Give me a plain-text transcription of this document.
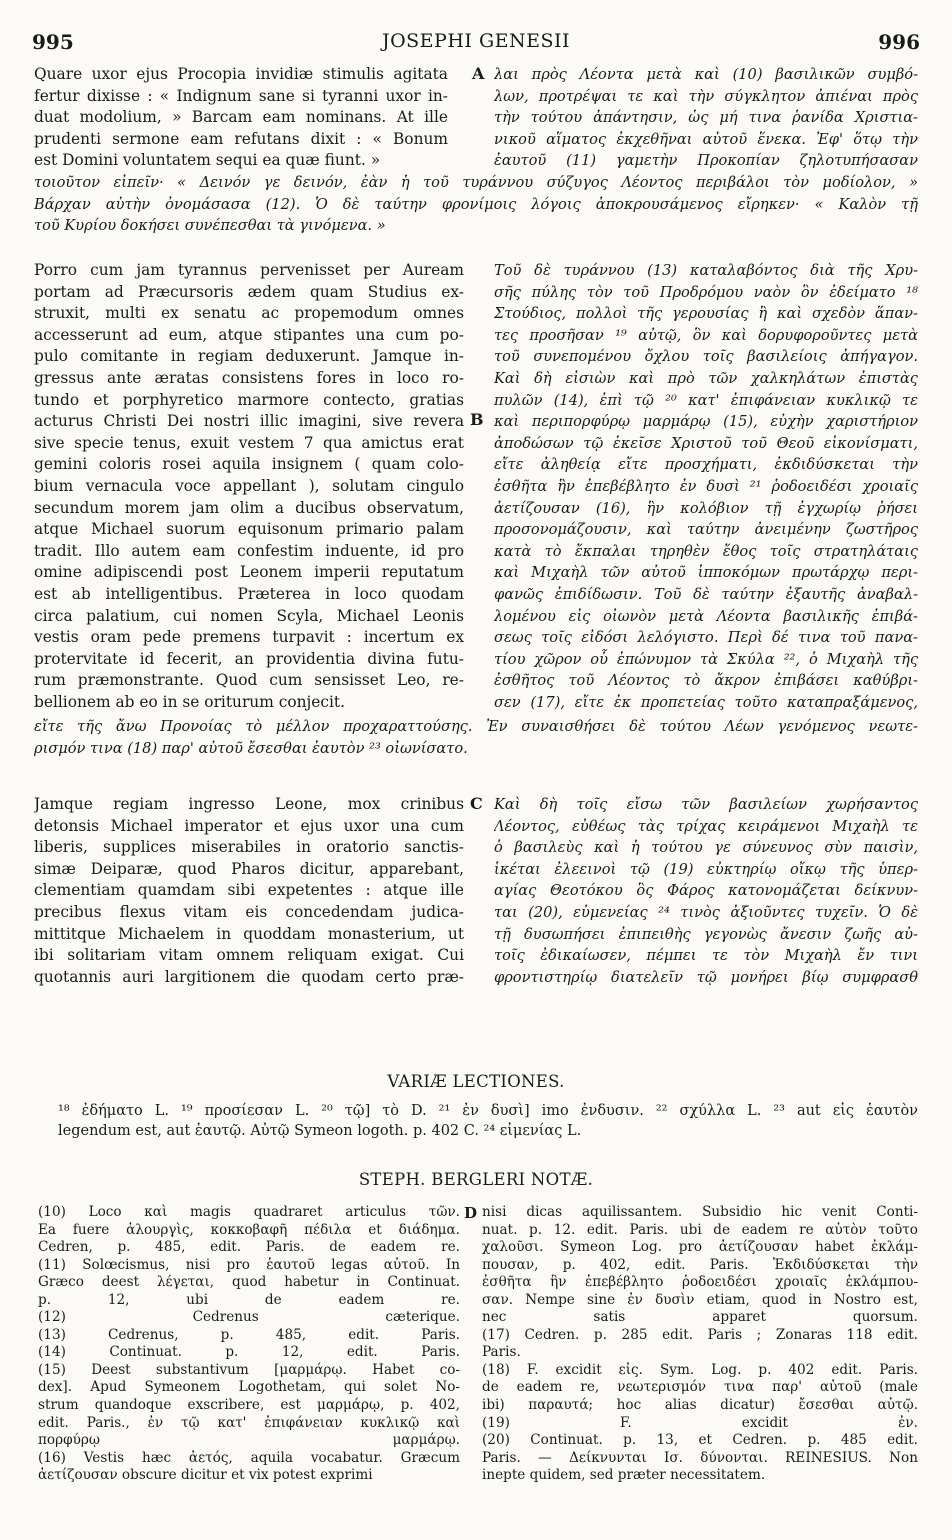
995	JOSEPHI GENESII	996
Quare uxor ejus Procopia invidiæ stimulis agitata
fertur dixisse : « Indignum sane si tyranni uxor in-
duat modolium, » Barcam eam nominans. At ille
prudenti sermone eam refutans dixit : « Bonum
est Domini voluntatem sequi ea quæ fiunt. »
A λαι πρὸς Λέοντα μετὰ καὶ (10) βασιλικῶν συμβό-
λων, προτρέψαι τε καὶ τὴν σύγκλητον ἀπιέναι πρὸς
τὴν τούτου ἀπάντησιν, ὡς μή τινα ῥανίδα Χριστια-
νικοῦ αἵματος ἐκχεθῆναι αὐτοῦ ἕνεκα. Ἐφ' ὅτῳ τὴν
ἑαυτοῦ (11) γαμετὴν Προκοπίαν ζηλοτυπήσασαν
τοιοῦτον εἰπεῖν· « Δεινόν γε δεινόν, ἐὰν ἡ τοῦ τυράννου σύζυγος Λέοντος περιβάλοι τὸν μοδίολον, »
Βάρχαν αὐτὴν ὀνομάσασα (12). Ὁ δὲ ταύτην φρονίμοις λόγοις ἀποκρουσάμενος εἴρηκεν· « Καλὸν τῇ
τοῦ Κυρίου δοκήσει συνέπεσθαι τὰ γινόμενα. »
Porro cum jam tyrannus pervenisset per Auream
portam ad Præcursoris ædem quam Studius ex-
struxit, multi ex senatu ac propemodum omnes
accesserunt ad eum, atque stipantes una cum po-
pulo comitante in regiam deduxerunt. Jamque in-
gressus ante æratas consistens fores in loco ro-
tundo et porphyretico marmore contecto, gratias
acturus Christi Dei nostri illic imagini, sive revera
sive specie tenus, exuit vestem 7 qua amictus erat
gemini coloris rosei aquila insignem ( quam colo-
bium vernacula voce appellant ), solutam cingulo
secundum morem jam olim a ducibus observatum,
atque Michael suorum equisonum primario palam
tradit. Illo autem eam confestim induente, id pro
omine adipiscendi post Leonem imperii reputatum
est ab intelligentibus. Præterea in loco quodam
circa palatium, cui nomen Scyla, Michael Leonis
vestis oram pede premens turpavit : incertum ex
protervitate id fecerit, an providentia divina futu-
rum præmonstrante. Quod cum sensisset Leo, re-
bellionem ab eo in se oriturum conjecit.
B
Τοῦ δὲ τυράννου (13) καταλαβόντος διὰ τῆς Χρυ-
σῆς πύλης τὸν τοῦ Προδρόμου ναὸν ὃν ἐδείματο ¹⁸
Στούδιος, πολλοὶ τῆς γερουσίας ἢ καὶ σχεδὸν ἅπαν-
τες προσῆσαν ¹⁹ αὐτῷ, ὃν καὶ δορυφοροῦντες μετὰ
τοῦ συνεπομένου ὄχλου τοῖς βασιλείοις ἀπήγαγον.
Καὶ δὴ εἰσιὼν καὶ πρὸ τῶν χαλκηλάτων ἐπιστὰς
πυλῶν (14), ἐπὶ τῷ ²⁰ κατ' ἐπιφάνειαν κυκλικῷ τε
καὶ περιπορφύρῳ μαρμάρῳ (15), εὐχὴν χαριστήριον
ἀποδώσων τῷ ἐκεῖσε Χριστοῦ τοῦ Θεοῦ εἰκονίσματι,
εἴτε ἀληθείᾳ εἴτε προσχήματι, ἐκδιδύσκεται τὴν
ἐσθῆτα ἣν ἐπεβέβλητο ἐν δυσὶ ²¹ ῥοδοειδέσι χροιαῖς
ἀετίζουσαν (16), ἣν κολόβιον τῇ ἐγχωρίῳ ῥήσει
προσονομάζουσιν, καὶ ταύτην ἀνειμένην ζωστῆρος
κατὰ τὸ ἔκπαλαι τηρηθὲν ἔθος τοῖς στρατηλάταις
καὶ Μιχαὴλ τῶν αὐτοῦ ἱπποκόμων πρωτάρχῳ περι-
φανῶς ἐπιδίδωσιν. Τοῦ δὲ ταύτην ἐξαυτῆς ἀναβαλ-
λομένου εἰς οἰωνὸν μετὰ Λέοντα βασιλικῆς ἐπιβά-
σεως τοῖς εἰδόσι λελόγιστο. Περὶ δέ τινα τοῦ πανα-
τίου χῶρον οὗ ἐπώνυμον τὰ Σκύλα ²², ὁ Μιχαὴλ τῆς
ἐσθῆτος τοῦ Λέοντος τὸ ἄκρον ἐπιβάσει καθύβρι-
σεν (17), εἴτε ἐκ προπετείας τοῦτο καταπραξάμενος,
εἴτε τῆς ἄνω Προνοίας τὸ μέλλον προχαραττούσης. Ἐν συναισθήσει δὲ τούτου Λέων γενόμενος νεωτε-
ρισμόν τινα (18) παρ' αὐτοῦ ἔσεσθαι ἑαυτὸν ²³ οἰωνίσατο.
Jamque regiam ingresso Leone, mox crinibus
detonsis Michael imperator et ejus uxor una cum
liberis, supplices miserabiles in oratorio sanctis-
simæ Deiparæ, quod Pharos dicitur, apparebant,
clementiam quamdam sibi expetentes : atque ille
precibus flexus vitam eis concedendam judica-
mittitque Michaelem in quoddam monasterium, ut
ibi solitariam vitam omnem reliquam exigat. Cui
quotannis auri largitionem die quodam certo præ-
C Καὶ δὴ τοῖς εἴσω τῶν βασιλείων χωρήσαντος
Λέοντος, εὐθέως τὰς τρίχας κειράμενοι Μιχαὴλ τε
ὁ βασιλεὺς καὶ ἡ τούτου γε σύνευνος σὺν παισὶν,
ἱκέται ἐλεεινοὶ τῷ (19) εὐκτηρίῳ οἴκῳ τῆς ὑπερ-
αγίας Θεοτόκου ὃς Φάρος κατονομάζεται δείκνυν-
ται (20), εὐμενείας ²⁴ τινὸς ἀξιοῦντες τυχεῖν. Ὁ δὲ
τῇ δυσωπήσει ἐπιπειθὴς γεγονὼς ἄνεσιν ζωῆς αὐ-
τοῖς ἐδικαίωσεν, πέμπει τε τὸν Μιχαὴλ ἔν τινι
φροντιστηρίῳ διατελεῖν τῷ μονήρει βίῳ συμφρασθ
VARIÆ LECTIONES.
¹⁸ ἐδήματο L. ¹⁹ προσίεσαν L. ²⁰ τῷ] τὸ D. ²¹ ἐν δυσὶ] imo ἐνδυσιν. ²² σχύλλα L. ²³ aut εἰς ἑαυτὸν
legendum est, aut ἑαυτῷ. Αὐτῷ Symeon logoth. p. 402 C. ²⁴ εἰμενίας L.
STEPH. BERGLERI NOTÆ.
(10) Loco καὶ magis quadraret articulus τῶν.
Ea fuere ἀλουργὶς, κοκκοβαφῆ πέδιλα et διάδημα.
Cedren, p. 485, edit. Paris. de eadem re.
(11) Solœcismus, nisi pro ἑαυτοῦ legas αὐτοῦ. In
Græco deest λέγεται, quod habetur in Continuat.
p. 12, ubi de eadem re.
(12) Cedrenus cæterique.
(13) Cedrenus, p. 485, edit. Paris.
(14) Continuat. p. 12, edit. Paris.
(15) Deest substantivum [μαρμάρῳ. Habet co-
dex]. Apud Symeonem Logothetam, qui solet No-
strum quandoque exscribere, est μαρμάρῳ, p. 402,
edit. Paris., ἐν τῷ κατ' ἐπιφάνειαν κυκλικῷ καὶ
πορφύρῳ μαρμάρῳ.
(16) Vestis hæc ἀετός, aquila vocabatur. Græcum
ἀετίζουσαν obscure dicitur et vix potest exprimi
D nisi dicas aquilissantem. Subsidio hic venit Conti-
nuat. p. 12. edit. Paris. ubi de eadem re αὐτὸν τοῦτο
χαλοῦσι. Symeon Log. pro ἀετίζουσαν habet ἐκλάμ-
πουσαν, p. 402, edit. Paris. Ἐκδιδύσκεται τὴν
ἐσθῆτα ἣν ἐπεβέβλητο ῥοδοειδέσι χροιαῖς ἐκλάμπου-
σαν. Nempe sine ἐν δυσὶν etiam, quod in Nostro est,
nec satis apparet quorsum.
(17) Cedren. p. 285 edit. Paris ; Zonaras 118 edit.
Paris.
(18) F. excidit εἰς. Sym. Log. p. 402 edit. Paris.
de eadem re, νεωτερισμόν τινα παρ' αὐτοῦ (male
ibi) παραυτά; hoc alias dicatur) ἔσεσθαι αὐτῷ.
(19) F. excidit ἐν.
(20) Continuat. p. 13, et Cedren. p. 485 edit.
Paris. — Δείκνυνται Ισ. δύνονται. REINESIUS. Non
inepte quidem, sed præter necessitatem.
